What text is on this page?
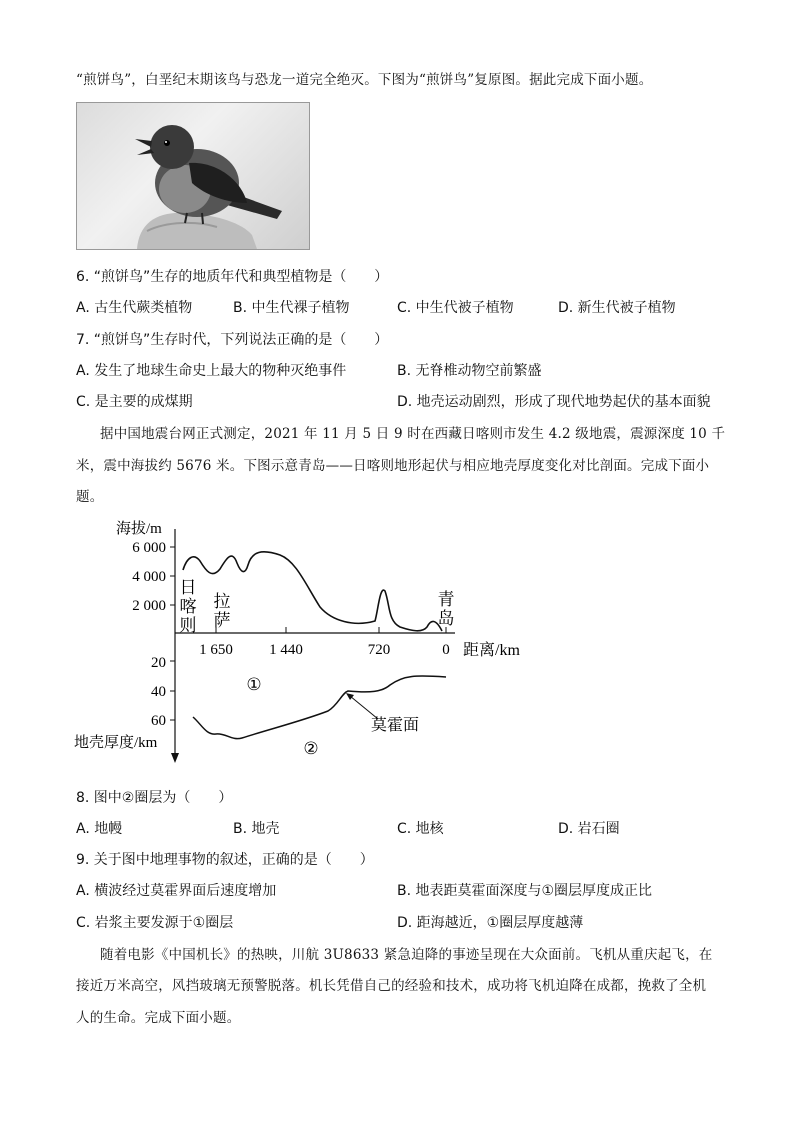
“煎饼鸟”，白垩纪末期该鸟与恐龙一道完全绝灭。下图为“煎饼鸟”复原图。据此完成下面小题。
6. “煎饼鸟”生存的地质年代和典型植物是（　　）
A. 古生代蕨类植物	B. 中生代裸子植物	C. 中生代被子植物	D. 新生代被子植物
7. “煎饼鸟”生存时代，下列说法正确的是（　　）
A. 发生了地球生命史上最大的物种灭绝事件	B. 无脊椎动物空前繁盛
C. 是主要的成煤期	D. 地壳运动剧烈，形成了现代地势起伏的基本面貌
据中国地震台网正式测定，2021 年 11 月 5 日 9 时在西藏日喀则市发生 4.2 级地震，震源深度 10 千
米，震中海拔约 5676 米。下图示意青岛——日喀则地形起伏与相应地壳厚度变化对比剖面。完成下面小
题。
海拔/m
6 000
4 000
2 000
1 650 1 440	720	0 距离/km
日
喀
则
拉
萨
青
岛
20
40
60
地壳厚度/km
①
②
莫霍面
8. 图中②圈层为（　　）
A. 地幔	B. 地壳	C. 地核	D. 岩石圈
9. 关于图中地理事物的叙述，正确的是（　　）
A. 横波经过莫霍界面后速度增加	B. 地表距莫霍面深度与①圈层厚度成正比
C. 岩浆主要发源于①圈层	D. 距海越近，①圈层厚度越薄
随着电影《中国机长》的热映，川航 3U8633 紧急迫降的事迹呈现在大众面前。飞机从重庆起飞，在
接近万米高空，风挡玻璃无预警脱落。机长凭借自己的经验和技术，成功将飞机迫降在成都，挽救了全机
人的生命。完成下面小题。
